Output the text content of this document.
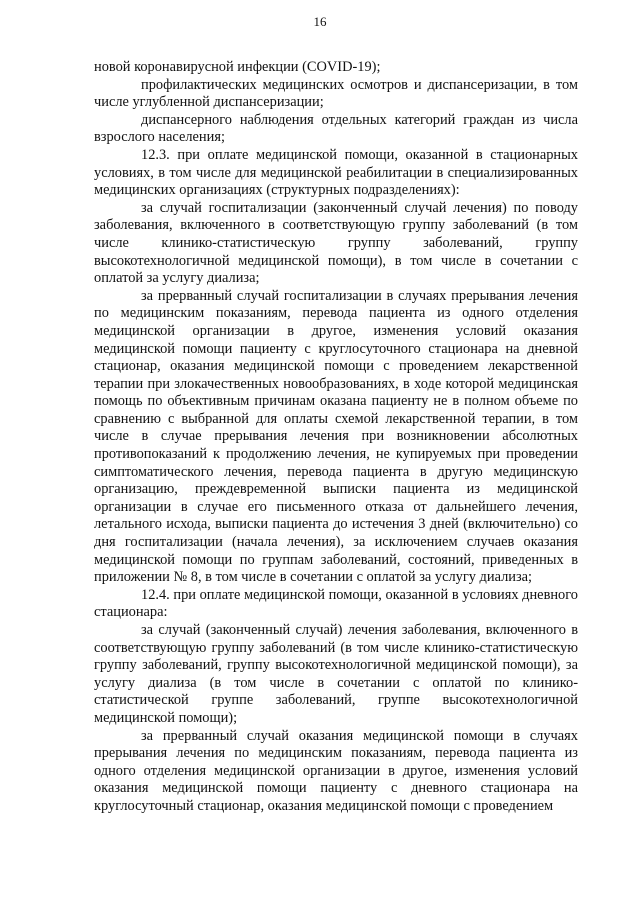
16

новой коронавирусной инфекции (COVID-19);

профилактических медицинских осмотров и диспансеризации, в том числе углубленной диспансеризации;

диспансерного наблюдения отдельных категорий граждан из числа взрослого населения;

12.3. при оплате медицинской помощи, оказанной в стационарных условиях, в том числе для медицинской реабилитации в специализированных медицинских организациях (структурных подразделениях):

за случай госпитализации (законченный случай лечения) по поводу заболевания, включенного в соответствующую группу заболеваний (в том числе клинико-статистическую группу заболеваний, группу высокотехнологичной медицинской помощи), в том числе в сочетании с оплатой за услугу диализа;

за прерванный случай госпитализации в случаях прерывания лечения по медицинским показаниям, перевода пациента из одного отделения медицинской организации в другое, изменения условий оказания медицинской помощи пациенту с круглосуточного стационара на дневной стационар, оказания медицинской помощи с проведением лекарственной терапии при злокачественных новообразованиях, в ходе которой медицинская помощь по объективным причинам оказана пациенту не в полном объеме по сравнению с выбранной для оплаты схемой лекарственной терапии, в том числе в случае прерывания лечения при возникновении абсолютных противопоказаний к продолжению лечения, не купируемых при проведении симптоматического лечения, перевода пациента в другую медицинскую организацию, преждевременной выписки пациента из медицинской организации в случае его письменного отказа от дальнейшего лечения, летального исхода, выписки пациента до истечения 3 дней (включительно) со дня госпитализации (начала лечения), за исключением случаев оказания медицинской помощи по группам заболеваний, состояний, приведенных в приложении № 8, в том числе в сочетании с оплатой за услугу диализа;

12.4. при оплате медицинской помощи, оказанной в условиях дневного стационара:

за случай (законченный случай) лечения заболевания, включенного в соответствующую группу заболеваний (в том числе клинико-статистическую группу заболеваний, группу высокотехнологичной медицинской помощи), за услугу диализа (в том числе в сочетании с оплатой по клинико-статистической группе заболеваний, группе высокотехнологичной медицинской помощи);

за прерванный случай оказания медицинской помощи в случаях прерывания лечения по медицинским показаниям, перевода пациента из одного отделения медицинской организации в другое, изменения условий оказания медицинской помощи пациенту с дневного стационара на круглосуточный стационар, оказания медицинской помощи с проведением
